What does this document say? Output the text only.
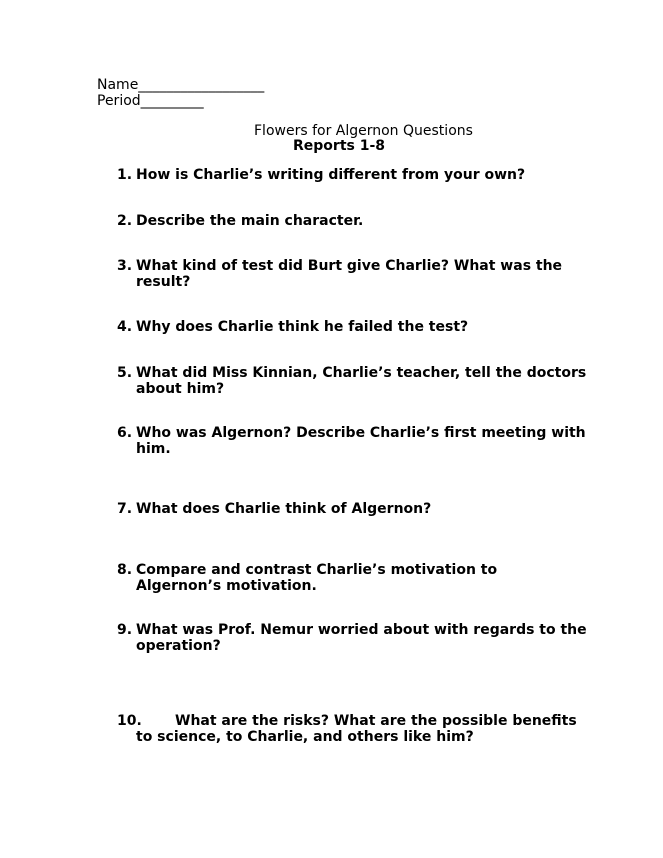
Name__________________
Period_________
Flowers for Algernon Questions
Reports 1-8
1. How is Charlie’s writing different from your own?
2. Describe the main character.
3. What kind of test did Burt give Charlie? What was the result?
4. Why does Charlie think he failed the test?
5. What did Miss Kinnian, Charlie’s teacher, tell the doctors about him?
6. Who was Algernon? Describe Charlie’s first meeting with him.
7. What does Charlie think of Algernon?
8. Compare and contrast Charlie’s motivation to Algernon’s motivation.
9. What was Prof. Nemur worried about with regards to the operation?
10.	What are the risks? What are the possible benefits to science, to Charlie, and others like him?
